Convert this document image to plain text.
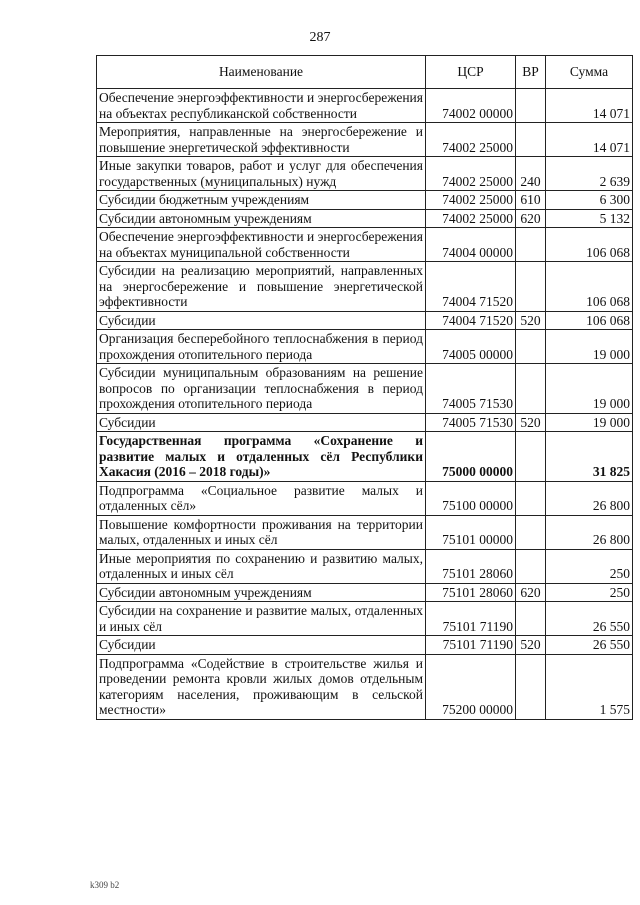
287
Наименование	ЦСР	ВР	Сумма
Обеспечение энергоэффективности и энергосбережения на объектах республиканской собственности	74002 00000		14 071
Мероприятия, направленные на энергосбережение и повышение энергетической эффективности	74002 25000		14 071
Иные закупки товаров, работ и услуг для обеспечения государственных (муниципальных) нужд	74002 25000	240	2 639
Субсидии бюджетным учреждениям	74002 25000	610	6 300
Субсидии автономным учреждениям	74002 25000	620	5 132
Обеспечение энергоэффективности и энергосбережения на объектах муниципальной собственности	74004 00000		106 068
Субсидии на реализацию мероприятий, направленных на энергосбережение и повышение энергетической эффективности	74004 71520		106 068
Субсидии	74004 71520	520	106 068
Организация бесперебойного теплоснабжения в период прохождения отопительного периода	74005 00000		19 000
Субсидии муниципальным образованиям на решение вопросов по организации теплоснабжения в период прохождения отопительного периода	74005 71530		19 000
Субсидии	74005 71530	520	19 000
Государственная программа «Сохранение и развитие малых и отдаленных сёл Республики Хакасия (2016 – 2018 годы)»	75000 00000		31 825
Подпрограмма «Социальное развитие малых и отдаленных сёл»	75100 00000		26 800
Повышение комфортности проживания на территории малых, отдаленных и иных сёл	75101 00000		26 800
Иные мероприятия по сохранению и развитию малых, отдаленных и иных сёл	75101 28060		250
Субсидии автономным учреждениям	75101 28060	620	250
Субсидии на сохранение и развитие малых, отдаленных и иных сёл	75101 71190		26 550
Субсидии	75101 71190	520	26 550
Подпрограмма «Содействие в строительстве жилья и проведении ремонта кровли жилых домов отдельным категориям населения, проживающим в сельской местности»	75200 00000		1 575
k309 b2
